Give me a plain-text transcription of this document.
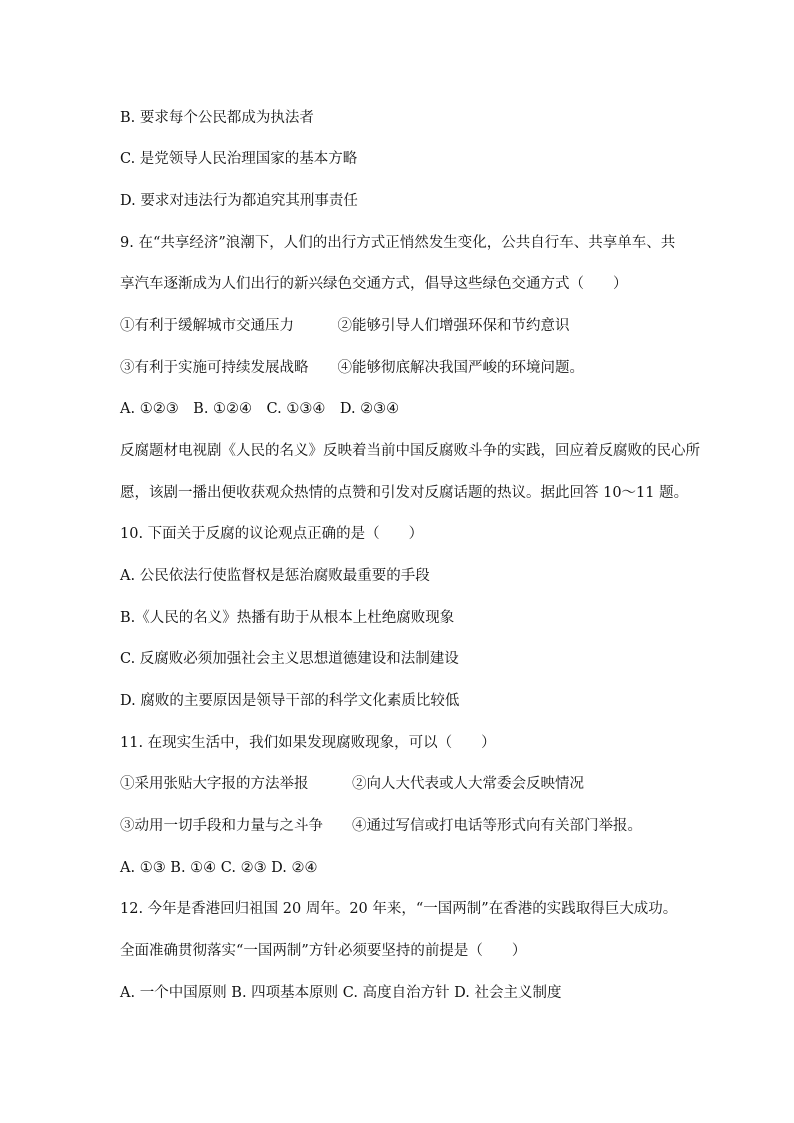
B. 要求每个公民都成为执法者
C. 是党领导人民治理国家的基本方略
D. 要求对违法行为都追究其刑事责任
9. 在“共享经济”浪潮下，人们的出行方式正悄然发生变化，公共自行车、共享单车、共
享汽车逐渐成为人们出行的新兴绿色交通方式，倡导这些绿色交通方式（　　）
①有利于缓解城市交通压力　　　②能够引导人们增强环保和节约意识
③有利于实施可持续发展战略　　④能够彻底解决我国严峻的环境问题。
A. ①②③　B. ①②④　C. ①③④　D. ②③④
反腐题材电视剧《人民的名义》反映着当前中国反腐败斗争的实践，回应着反腐败的民心所
愿，该剧一播出便收获观众热情的点赞和引发对反腐话题的热议。据此回答 10～11 题。
10. 下面关于反腐的议论观点正确的是（　　）
A. 公民依法行使监督权是惩治腐败最重要的手段
B.《人民的名义》热播有助于从根本上杜绝腐败现象
C. 反腐败必须加强社会主义思想道德建设和法制建设
D. 腐败的主要原因是领导干部的科学文化素质比较低
11. 在现实生活中，我们如果发现腐败现象，可以（　　）
①采用张贴大字报的方法举报　　　②向人大代表或人大常委会反映情况
③动用一切手段和力量与之斗争　　④通过写信或打电话等形式向有关部门举报。
A. ①③ B. ①④ C. ②③ D. ②④
12. 今年是香港回归祖国 20 周年。20 年来，“一国两制”在香港的实践取得巨大成功。
全面准确贯彻落实“一国两制”方针必须要坚持的前提是（　　）
A. 一个中国原则 B. 四项基本原则 C. 高度自治方针 D. 社会主义制度
